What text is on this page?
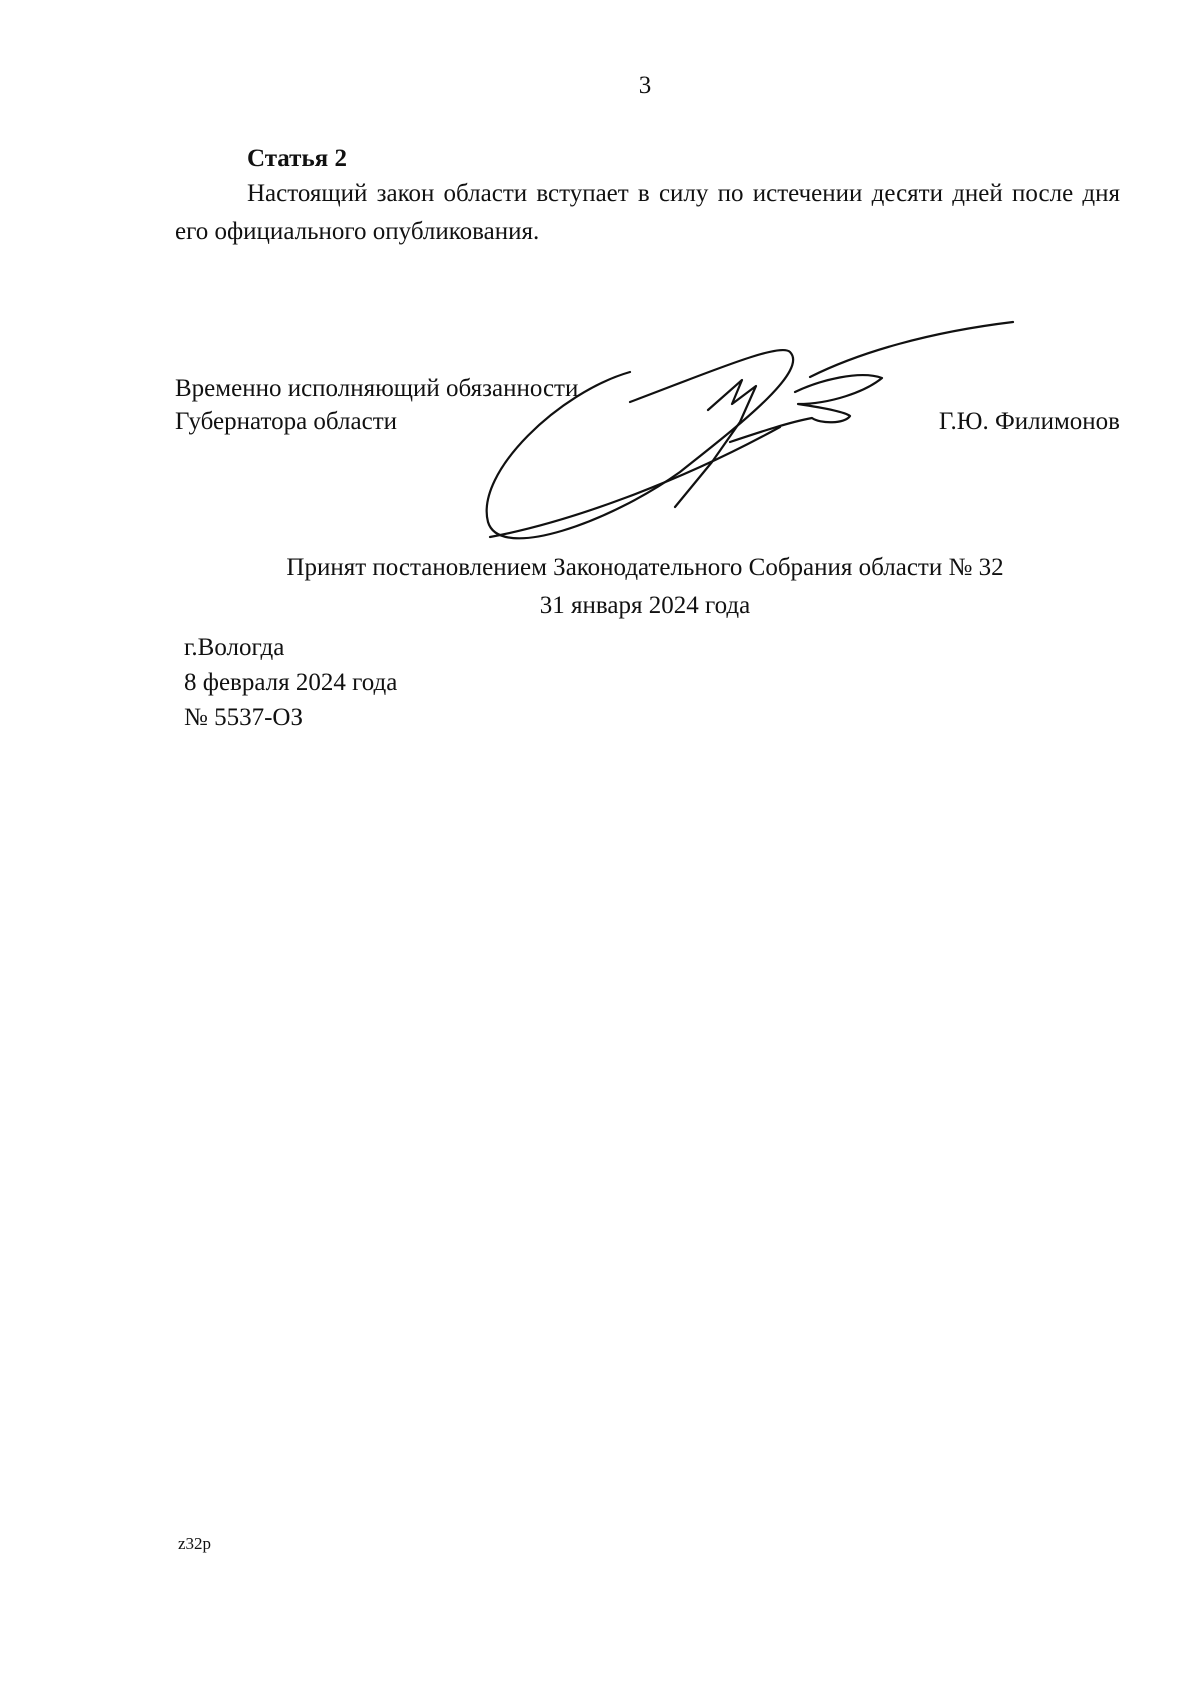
3
Статья 2

Настоящий закон области вступает в силу по истечении десяти дней после дня его официального опубликования.

Временно исполняющий обязанности
Губернатора области	Г.Ю. Филимонов
Принят постановлением Законодательного Собрания области № 32
31 января 2024 года
г.Вологда
8 февраля 2024 года
№ 5537-ОЗ
z32p
